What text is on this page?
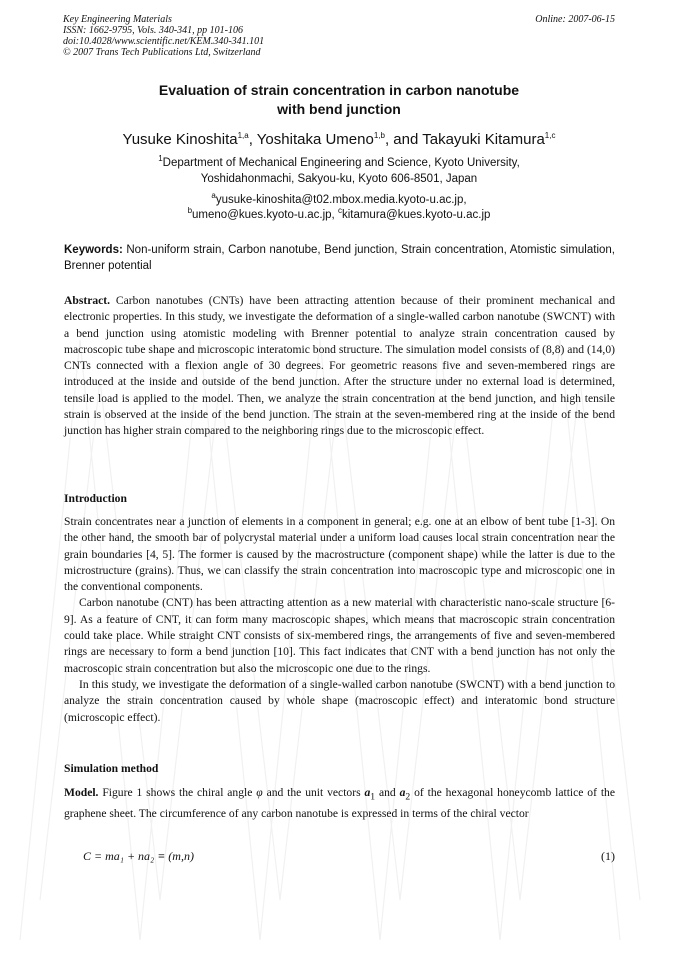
Key Engineering Materials
ISSN: 1662-9795, Vols. 340-341, pp 101-106
doi:10.4028/www.scientific.net/KEM.340-341.101
© 2007 Trans Tech Publications Ltd, Switzerland
Online: 2007-06-15
Evaluation of strain concentration in carbon nanotube
with bend junction
Yusuke Kinoshita$^{1,a}$, Yoshitaka Umeno$^{1,b}$, and Takayuki Kitamura$^{1,c}$
$^1$Department of Mechanical Engineering and Science, Kyoto University,
Yoshidahonmachi, Sakyou-ku, Kyoto 606-8501, Japan
$^a$yusuke-kinoshita@t02.mbox.media.kyoto-u.ac.jp,
$^b$umeno@kues.kyoto-u.ac.jp, $^c$kitamura@kues.kyoto-u.ac.jp
Keywords: Non-uniform strain, Carbon nanotube, Bend junction, Strain concentration, Atomistic simulation, Brenner potential

Abstract. Carbon nanotubes (CNTs) have been attracting attention because of their prominent mechanical and electronic properties. In this study, we investigate the deformation of a single-walled carbon nanotube (SWCNT) with a bend junction using atomistic modeling with Brenner potential to analyze strain concentration caused by macroscopic tube shape and microscopic interatomic bond structure. The simulation model consists of (8,8) and (14,0) CNTs connected with a flexion angle of 30 degrees. For geometric reasons five and seven-membered rings are introduced at the inside and outside of the bend junction. After the structure under no external load is determined, tensile load is applied to the model. Then, we analyze the strain concentration at the bend junction, and high tensile strain is observed at the inside of the bend junction. The strain at the seven-membered ring at the inside of the bend junction has higher strain compared to the neighboring rings due to the microscopic effect.

Introduction

Strain concentrates near a junction of elements in a component in general; e.g. one at an elbow of bent tube [1-3]. On the other hand, the smooth bar of polycrystal material under a uniform load causes local strain concentration near the grain boundaries [4, 5]. The former is caused by the macrostructure (component shape) while the latter is due to the microstructure (grains). Thus, we can classify the strain concentration into macroscopic type and microscopic one in the conventional components.

Carbon nanotube (CNT) has been attracting attention as a new material with characteristic nano-scale structure [6-9]. As a feature of CNT, it can form many macroscopic shapes, which means that macroscopic strain concentration could take place. While straight CNT consists of six-membered rings, the arrangements of five and seven-membered rings are necessary to form a bend junction [10]. This fact indicates that CNT with a bend junction has not only the macroscopic strain concentration but also the microscopic one due to the rings.

In this study, we investigate the deformation of a single-walled carbon nanotube (SWCNT) with a bend junction to analyze the strain concentration caused by whole shape (macroscopic effect) and interatomic bond structure (microscopic effect).

Simulation method

Model. Figure 1 shows the chiral angle φ and the unit vectors $a_1$ and $a_2$ of the hexagonal honeycomb lattice of the graphene sheet. The circumference of any carbon nanotube is expressed in terms of the chiral vector

C = ma₁ + na₂ ≡ (m,n)	(1)
